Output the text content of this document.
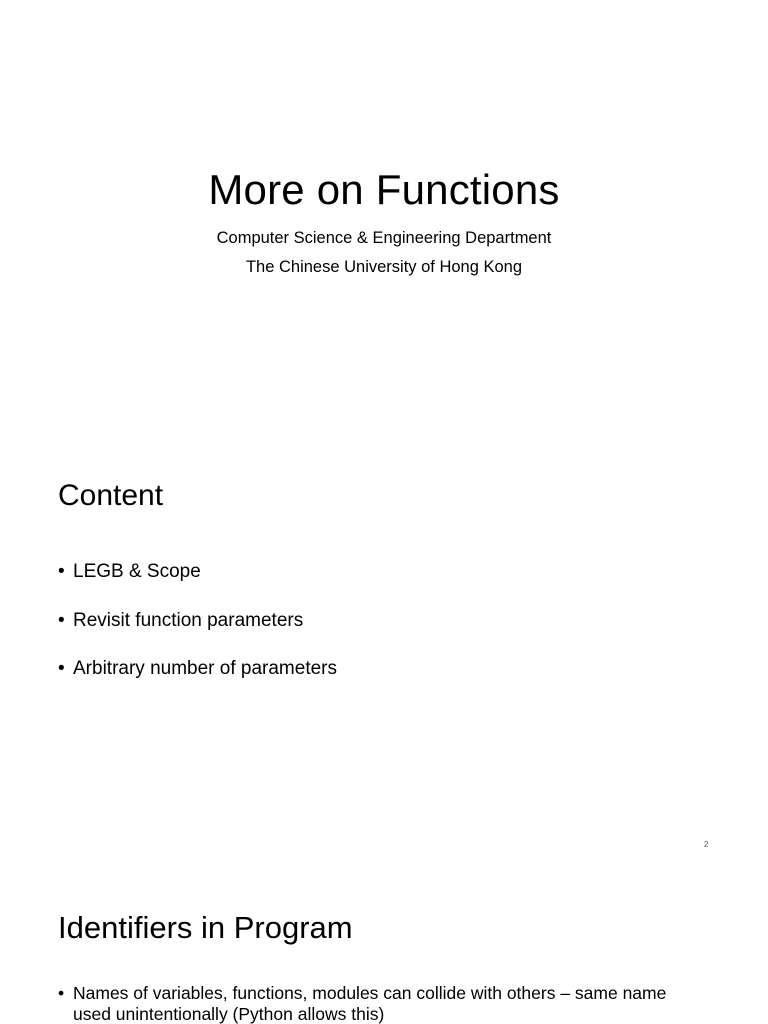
More on Functions
Computer Science & Engineering Department
The Chinese University of Hong Kong
Content
• LEGB & Scope
• Revisit function parameters
• Arbitrary number of parameters
2
Identifiers in Program
• Names of variables, functions, modules can collide with others – same name used unintentionally (Python allows this)
